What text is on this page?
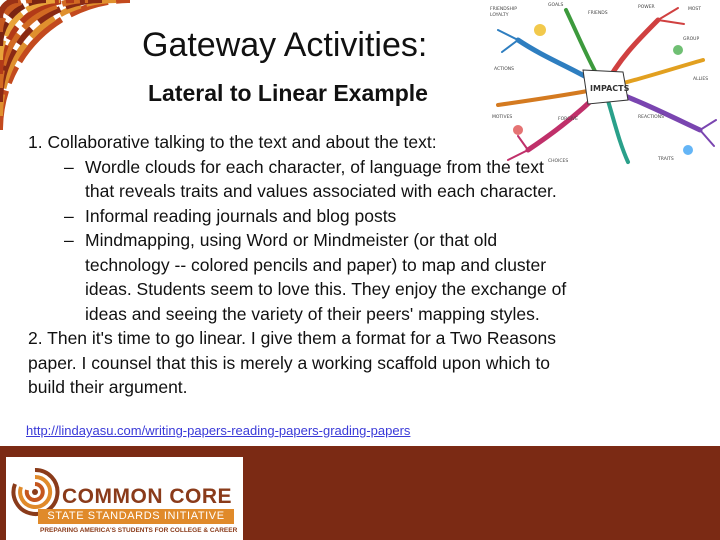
FRIENDSHIP
LOYALTY
GOALS
FRIENDS
POWER	MOST
GROUP
ALLIES
ACTIONS
MOTIVES
TRAITS
CHOICES
REACTIONS
FORGIVE
IMPACTS
Gateway Activities:
Lateral to Linear Example

1. Collaborative talking to the text and about the text:

– Wordle clouds for each character, of language from the text
that reveals traits and values associated with each character.
– Informal reading journals and blog posts
– Mindmapping, using Word or Mindmeister (or that old
technology -- colored pencils and paper) to map and cluster
ideas. Students seem to love this. They enjoy the exchange of
ideas and seeing the variety of their peers' mapping styles.

2. Then it's time to go linear. I give them a format for a Two Reasons

paper. I counsel that this is merely a working scaffold upon which to

build their argument.

http://lindayasu.com/writing-papers-reading-papers-grading-papers
COMMON CORE
STATE STANDARDS INITIATIVE
PREPARING AMERICA'S STUDENTS FOR COLLEGE & CAREER
